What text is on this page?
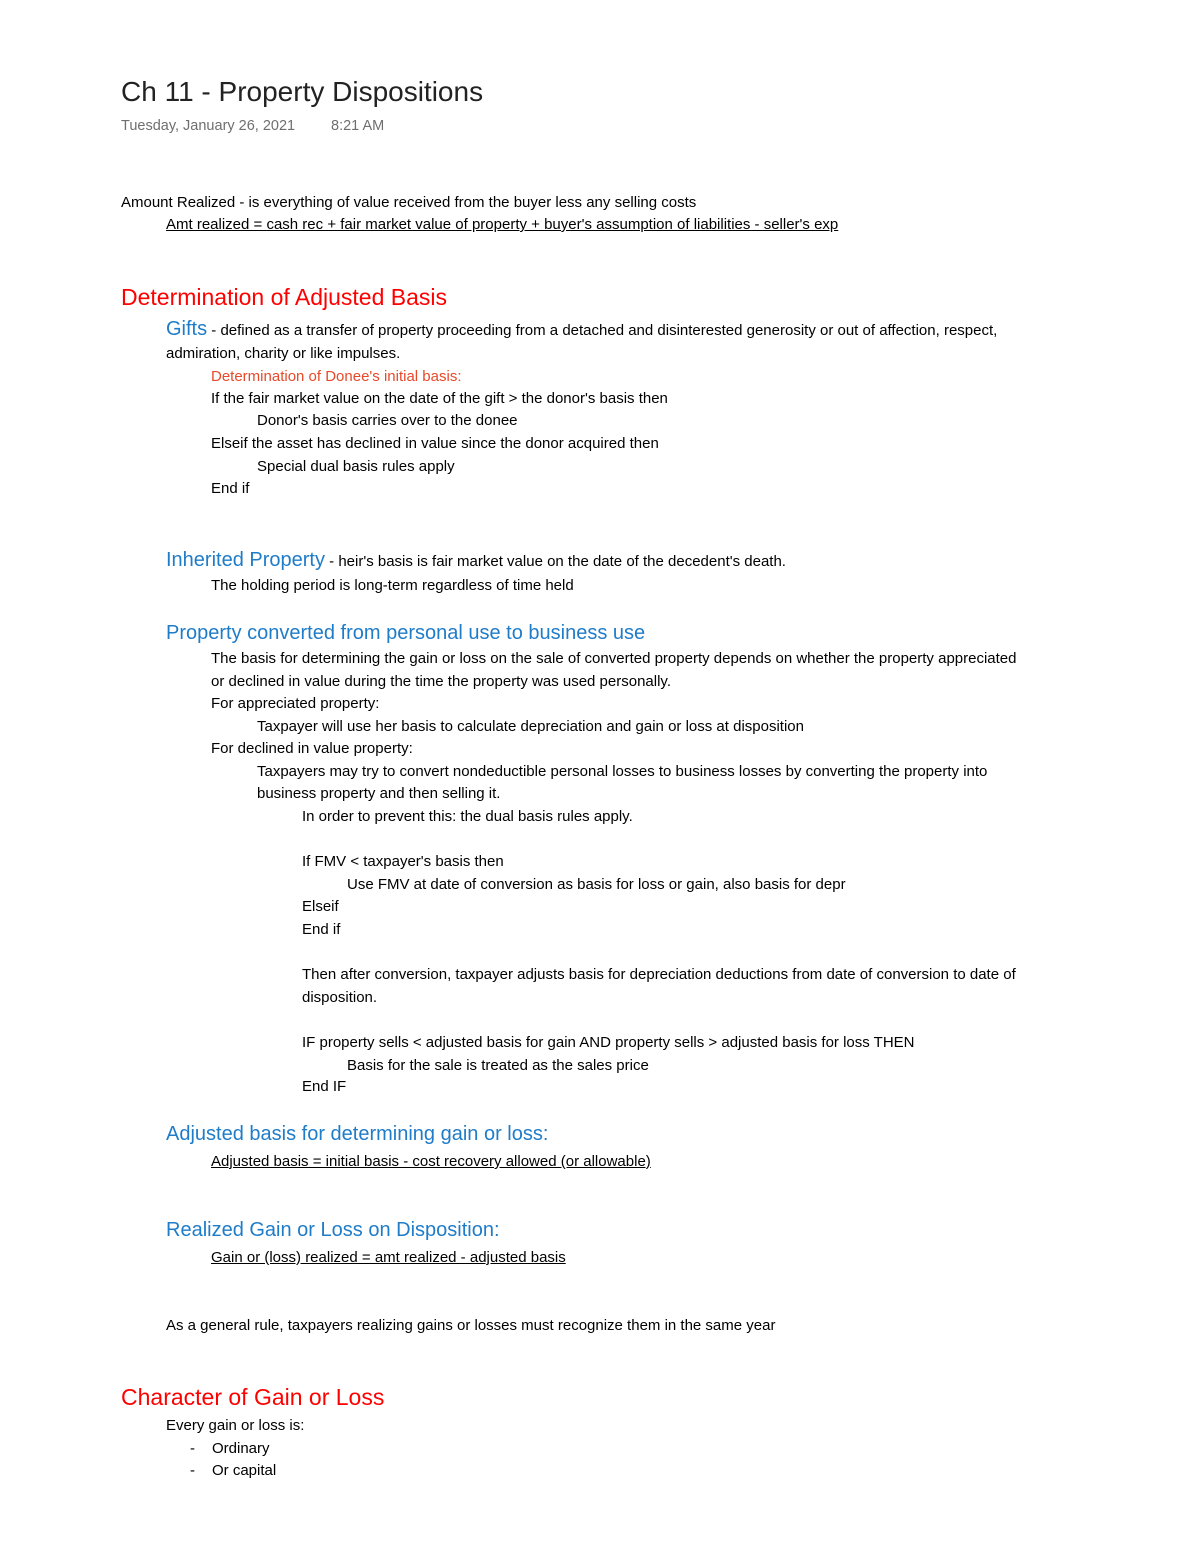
Ch 11 - Property Dispositions
Tuesday, January 26, 2021 8:21 AM
Amount Realized - is everything of value received from the buyer less any selling costs
Amt realized = cash rec + fair market value of property + buyer's assumption of liabilities - seller's exp
Determination of Adjusted Basis
Gifts - defined as a transfer of property proceeding from a detached and disinterested generosity or out of affection, respect,
admiration, charity or like impulses.
Determination of Donee's initial basis:
If the fair market value on the date of the gift > the donor's basis then
Donor's basis carries over to the donee
Elseif the asset has declined in value since the donor acquired then
Special dual basis rules apply
End if
Inherited Property - heir's basis is fair market value on the date of the decedent's death.
The holding period is long-term regardless of time held
Property converted from personal use to business use
The basis for determining the gain or loss on the sale of converted property depends on whether the property appreciated
or declined in value during the time the property was used personally.
For appreciated property:
Taxpayer will use her basis to calculate depreciation and gain or loss at disposition
For declined in value property:
Taxpayers may try to convert nondeductible personal losses to business losses by converting the property into
business property and then selling it.
In order to prevent this: the dual basis rules apply.
If FMV < taxpayer's basis then
Use FMV at date of conversion as basis for loss or gain, also basis for depr
Elseif
End if
Then after conversion, taxpayer adjusts basis for depreciation deductions from date of conversion to date of
disposition.
IF property sells < adjusted basis for gain AND property sells > adjusted basis for loss THEN
Basis for the sale is treated as the sales price
End IF
Adjusted basis for determining gain or loss:
Adjusted basis = initial basis - cost recovery allowed (or allowable)
Realized Gain or Loss on Disposition:
Gain or (loss) realized = amt realized - adjusted basis
As a general rule, taxpayers realizing gains or losses must recognize them in the same year
Character of Gain or Loss
Every gain or loss is:
- Ordinary
- Or capital
